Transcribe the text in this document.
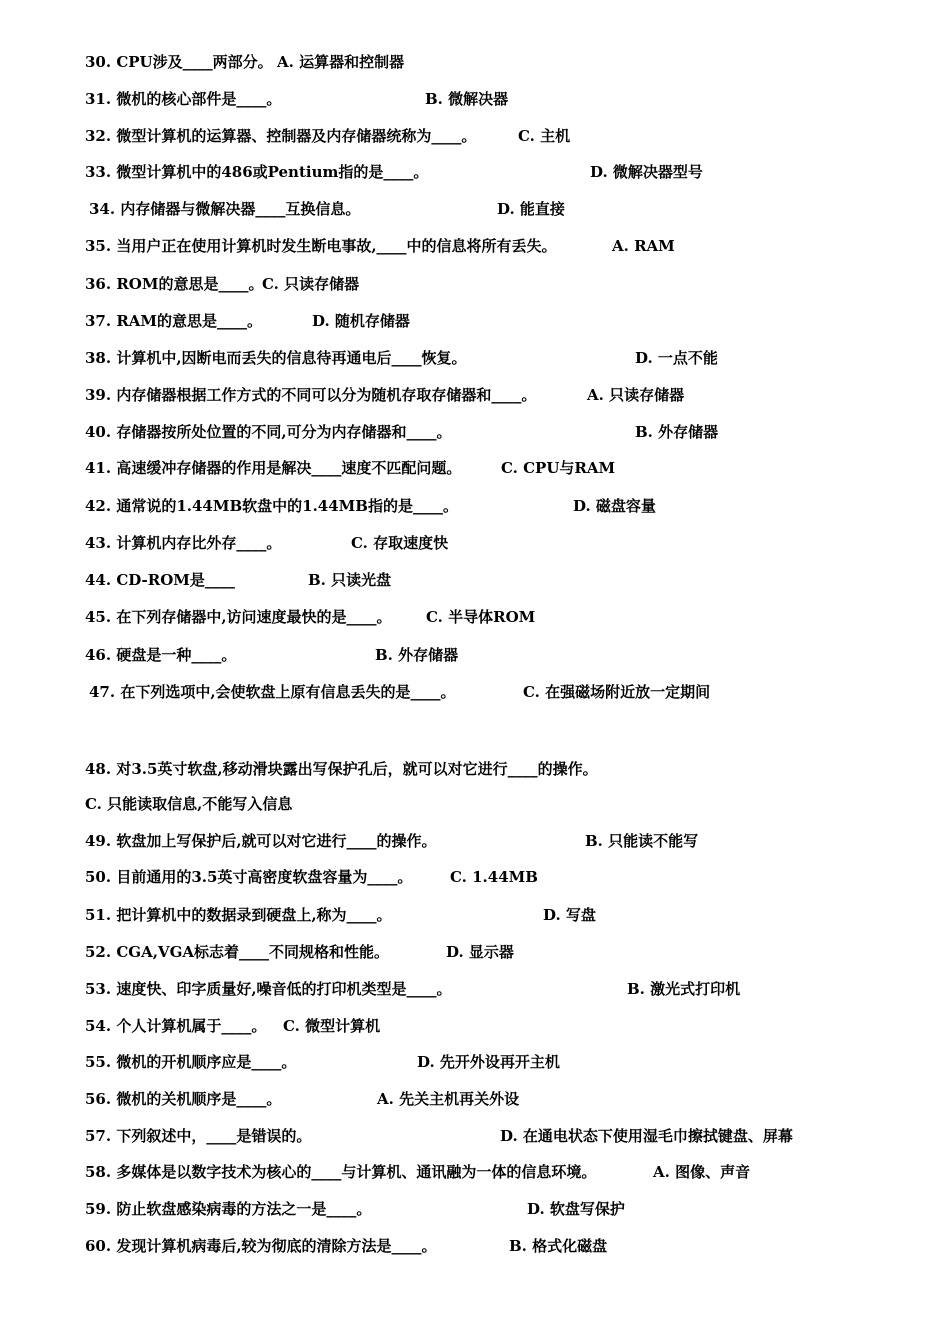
30. CPU涉及____两部分。 A. 运算器和控制器
31. 微机的核心部件是____。	B. 微解决器
32. 微型计算机的运算器、控制器及内存储器统称为____。	C. 主机
33. 微型计算机中的486或Pentium指的是____。	D. 微解决器型号
34. 内存储器与微解决器____互换信息。	D. 能直接
35. 当用户正在使用计算机时发生断电事故,____中的信息将所有丢失。	A. RAM
36. ROM的意思是____。
C. 只读存储器
37. RAM的意思是____。	D. 随机存储器
38. 计算机中,因断电而丢失的信息待再通电后____恢复。	D. 一点不能
39. 内存储器根据工作方式的不同可以分为随机存取存储器和____。	A. 只读存储器
40. 存储器按所处位置的不同,可分为内存储器和____。	B. 外存储器
41. 高速缓冲存储器的作用是解决____速度不匹配问题。	C. CPU与RAM
42. 通常说的1.44MB软盘中的1.44MB指的是____。	D. 磁盘容量
43. 计算机内存比外存____。	C. 存取速度快
44. CD-ROM是____	B. 只读光盘
45. 在下列存储器中,访问速度最快的是____。 C. 半导体ROM
46. 硬盘是一种____。	B. 外存储器
47. 在下列选项中,会使软盘上原有信息丢失的是____。	C. 在强磁场附近放一定期间
48. 对3.5英寸软盘,移动滑块露出写保护孔后，就可以对它进行____的操作。
C. 只能读取信息,不能写入信息
49. 软盘加上写保护后,就可以对它进行____的操作。	B. 只能读不能写
50. 目前通用的3.5英寸高密度软盘容量为____。	C. 1.44MB
51. 把计算机中的数据录到硬盘上,称为____。	D. 写盘
52. CGA,VGA标志着____不同规格和性能。	D. 显示器
53. 速度快、印字质量好,噪音低的打印机类型是____。	B. 激光式打印机
54. 个人计算机属于____。 C. 微型计算机
55. 微机的开机顺序应是____。	D. 先开外设再开主机
56. 微机的关机顺序是____。	A. 先关主机再关外设
57. 下列叙述中，____是错误的。	D. 在通电状态下使用湿毛巾擦拭键盘、屏幕
58. 多媒体是以数字技术为核心的____与计算机、通讯融为一体的信息环境。	A. 图像、声音
59. 防止软盘感染病毒的方法之一是____。	D. 软盘写保护
60. 发现计算机病毒后,较为彻底的清除方法是____。	B. 格式化磁盘
